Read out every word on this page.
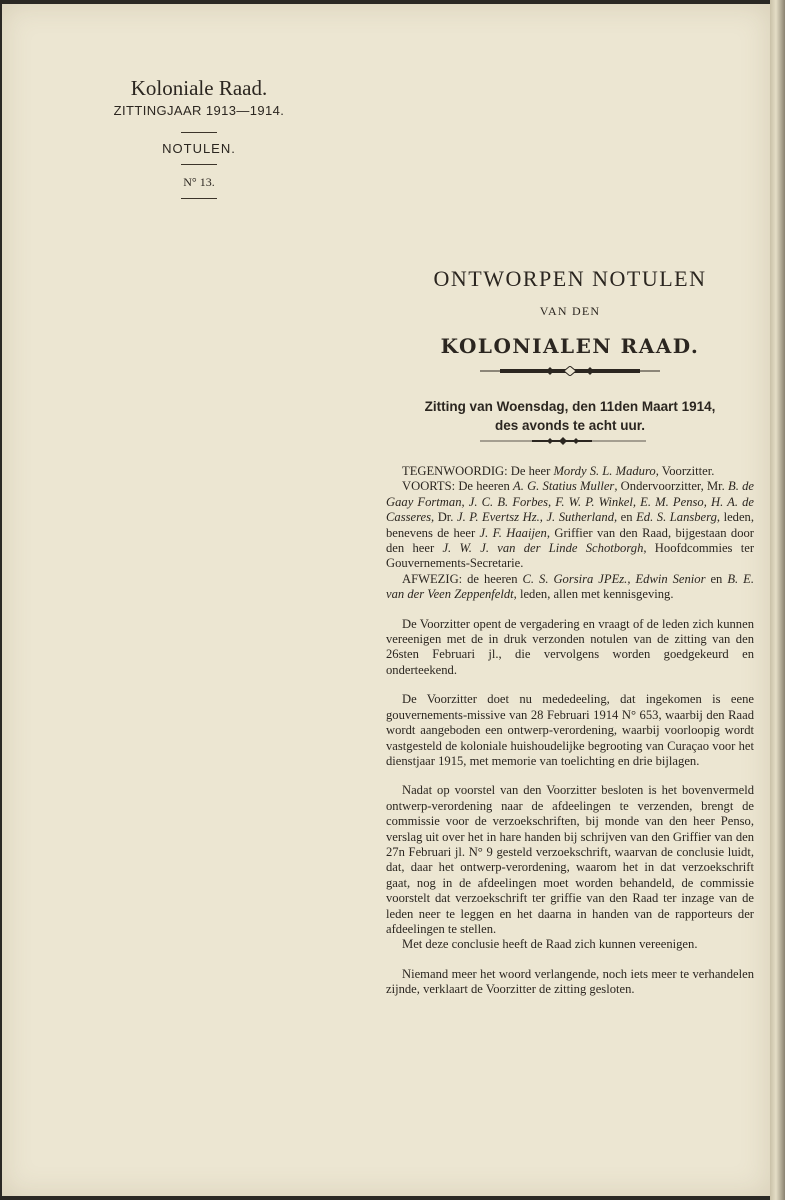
Koloniale Raad.

ZITTINGJAAR 1913—1914.

NOTULEN.

N° 13.

ONTWORPEN NOTULEN
VAN DEN
KOLONIALEN RAAD.
Zitting van Woensdag, den 11den Maart 1914,
des avonds te acht uur.

TEGENWOORDIG: De heer Mordy S. L. Maduro, Voorzitter.

VOORTS: De heeren A. G. Statius Muller, Ondervoorzitter, Mr. B. de Gaay Fortman, J. C. B. Forbes, F. W. P. Winkel, E. M. Penso, H. A. de Casseres, Dr. J. P. Evertsz Hz., J. Sutherland, en Ed. S. Lansberg, leden, benevens de heer J. F. Haaijen, Griffier van den Raad, bijgestaan door den heer J. W. J. van der Linde Schotborgh, Hoofdcommies ter Gouvernements-Secretarie.

AFWEZIG: de heeren C. S. Gorsira JPEz., Edwin Senior en B. E. van der Veen Zeppenfeldt, leden, allen met kennisgeving.

De Voorzitter opent de vergadering en vraagt of de leden zich kunnen vereenigen met de in druk verzonden notulen van de zitting van den 26sten Februari jl., die vervolgens worden goedgekeurd en onderteekend.

De Voorzitter doet nu mededeeling, dat ingekomen is eene gouvernements-missive van 28 Februari 1914 N° 653, waarbij den Raad wordt aangeboden een ontwerp-verordening, waarbij voorloopig wordt vastgesteld de koloniale huishoudelijke begrooting van Curaçao voor het dienstjaar 1915, met memorie van toelichting en drie bijlagen.

Nadat op voorstel van den Voorzitter besloten is het bovenvermeld ontwerp-verordening naar de afdeelingen te verzenden, brengt de commissie voor de verzoekschriften, bij monde van den heer Penso, verslag uit over het in hare handen bij schrijven van den Griffier van den 27n Februari jl. N° 9 gesteld verzoekschrift, waarvan de conclusie luidt, dat, daar het ontwerp-verordening, waarom het in dat verzoekschrift gaat, nog in de afdeelingen moet worden behandeld, de commissie voorstelt dat verzoekschrift ter griffie van den Raad ter inzage van de leden neer te leggen en het daarna in handen van de rapporteurs der afdeelingen te stellen.

Met deze conclusie heeft de Raad zich kunnen vereenigen.

Niemand meer het woord verlangende, noch iets meer te verhandelen zijnde, verklaart de Voorzitter de zitting gesloten.
